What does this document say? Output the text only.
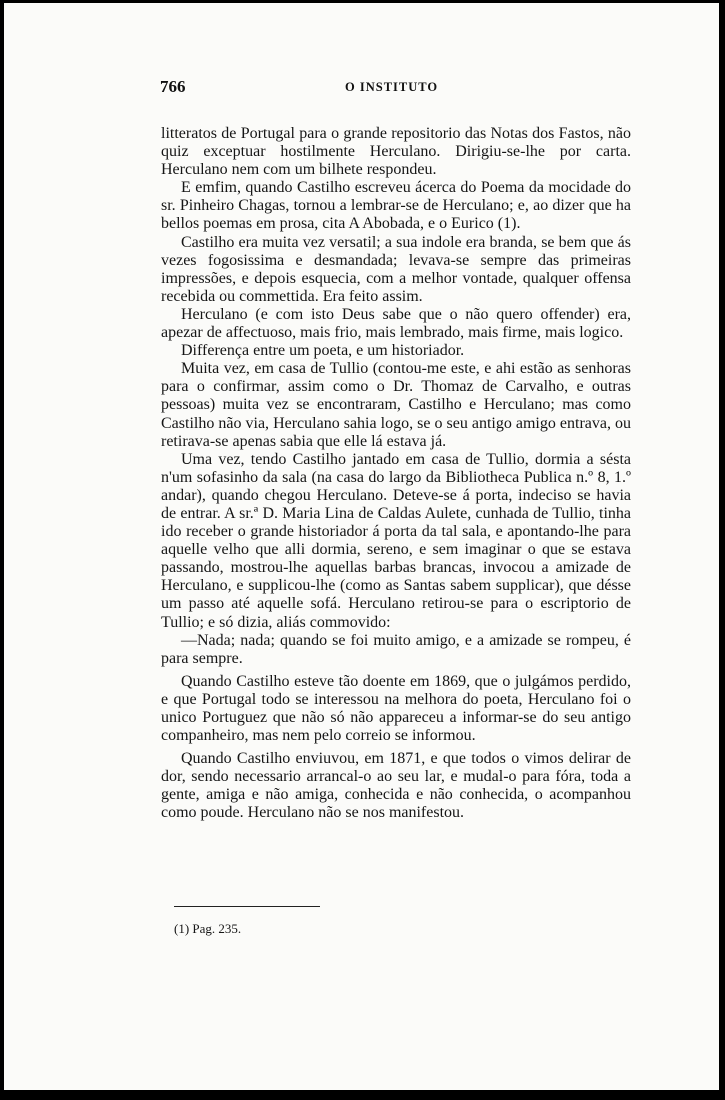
766	O INSTITUTO

litteratos de Portugal para o grande repositorio das Notas dos Fastos, não quiz exceptuar hostilmente Herculano. Dirigiu-se-lhe por carta. Herculano nem com um bilhete respondeu.

E emfim, quando Castilho escreveu ácerca do Poema da mocidade do sr. Pinheiro Chagas, tornou a lembrar-se de Herculano; e, ao dizer que ha bellos poemas em prosa, cita A Abobada, e o Eurico (1).

Castilho era muita vez versatil; a sua indole era branda, se bem que ás vezes fogosissima e desmandada; levava-se sempre das primeiras impressões, e depois esquecia, com a melhor vontade, qualquer offensa recebida ou commettida. Era feito assim.

Herculano (e com isto Deus sabe que o não quero offender) era, apezar de affectuoso, mais frio, mais lembrado, mais firme, mais logico.

Differença entre um poeta, e um historiador.

Muita vez, em casa de Tullio (contou-me este, e ahi estão as senhoras para o confirmar, assim como o Dr. Thomaz de Carvalho, e outras pessoas) muita vez se encontraram, Castilho e Herculano; mas como Castilho não via, Herculano sahia logo, se o seu antigo amigo entrava, ou retirava-se apenas sabia que elle lá estava já.

Uma vez, tendo Castilho jantado em casa de Tullio, dormia a sésta n'um sofasinho da sala (na casa do largo da Bibliotheca Publica n.º 8, 1.º andar), quando chegou Herculano. Deteve-se á porta, indeciso se havia de entrar. A sr.ª D. Maria Lina de Caldas Aulete, cunhada de Tullio, tinha ido receber o grande historiador á porta da tal sala, e apontando-lhe para aquelle velho que alli dormia, sereno, e sem imaginar o que se estava passando, mostrou-lhe aquellas barbas brancas, invocou a amizade de Herculano, e supplicou-lhe (como as Santas sabem supplicar), que désse um passo até aquelle sofá. Herculano retirou-se para o escriptorio de Tullio; e só dizia, aliás commovido:

—Nada; nada; quando se foi muito amigo, e a amizade se rompeu, é para sempre.

Quando Castilho esteve tão doente em 1869, que o julgámos perdido, e que Portugal todo se interessou na melhora do poeta, Herculano foi o unico Portuguez que não só não appareceu a informar-se do seu antigo companheiro, mas nem pelo correio se informou.

Quando Castilho enviuvou, em 1871, e que todos o vimos delirar de dor, sendo necessario arrancal-o ao seu lar, e mudal-o para fóra, toda a gente, amiga e não amiga, conhecida e não conhecida, o acompanhou como poude. Herculano não se nos manifestou.

(1) Pag. 235.
